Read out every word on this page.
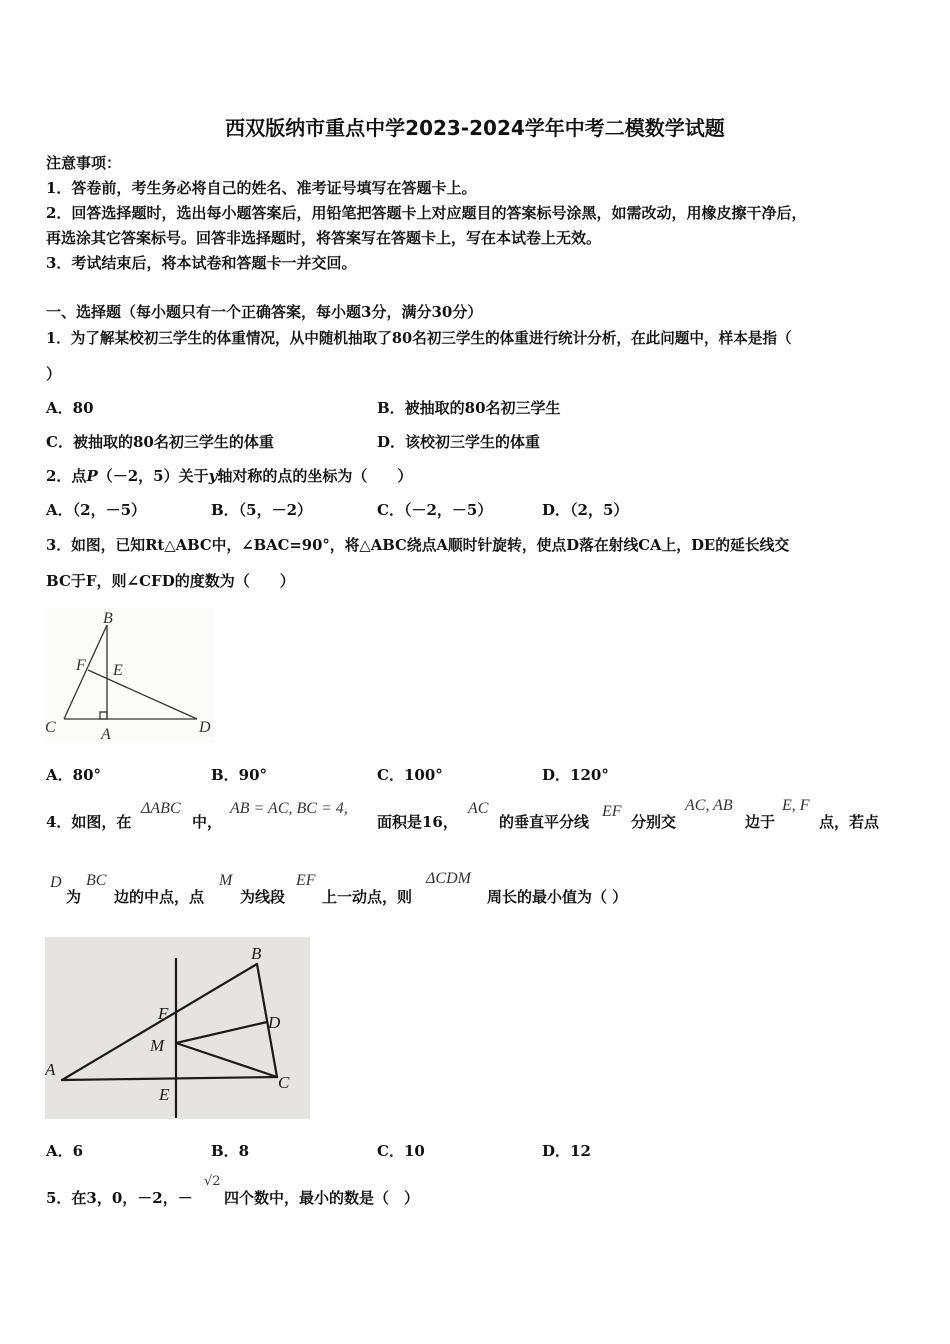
西双版纳市重点中学2023-2024学年中考二模数学试题
注意事项：
1．答卷前，考生务必将自己的姓名、准考证号填写在答题卡上。
2．回答选择题时，选出每小题答案后，用铅笔把答题卡上对应题目的答案标号涂黑，如需改动，用橡皮擦干净后，
再选涂其它答案标号。回答非选择题时，将答案写在答题卡上，写在本试卷上无效。
3．考试结束后，将本试卷和答题卡一并交回。
一、选择题（每小题只有一个正确答案，每小题3分，满分30分）
1．为了解某校初三学生的体重情况，从中随机抽取了80名初三学生的体重进行统计分析，在此问题中，样本是指（
）
A．80	B．被抽取的80名初三学生
C．被抽取的80名初三学生的体重	D．该校初三学生的体重
2．点P（－2，5）关于y轴对称的点的坐标为（　　）
A．（2，－5）	B．（5，－2）	C．（－2，－5）	D．（2，5）
3．如图，已知Rt△ABC中，∠BAC=90°，将△ABC绕点A顺时针旋转，使点D落在射线CA上，DE的延长线交
BC于F，则∠CFD的度数为（　　）
B
F E
C	A	D
A．80°	B．90°	C．100°	D．120°
4．如图，在
ΔABC
中，
AB = AC, BC = 4,
面积是16，
AC
的垂直平分线
EF
分别交
AC, AB
边于
E, F
点，若点
D
为
BC
边的中点，点
M
为线段
EF
上一动点，则
ΔCDM
周长的最小值为（ ）
B
F	D
M
A
C
E
A．6	B．8	C．10	D．12
5．在3，0，－2，－
√2
四个数中，最小的数是（　）
